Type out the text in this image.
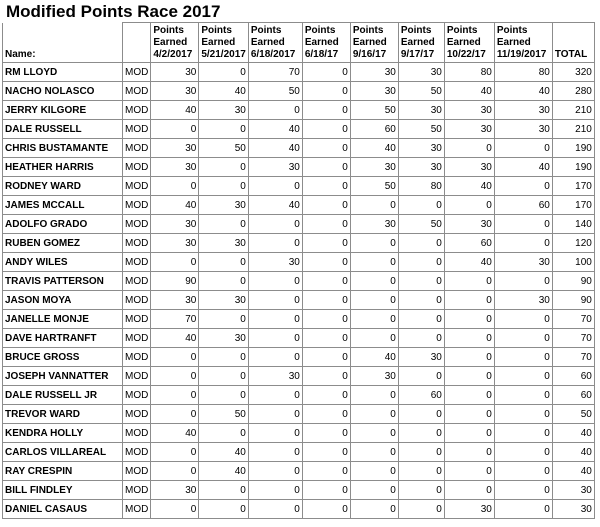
Modified Points Race 2017
Name:		Points
Earned
4/2/2017	Points
Earned
5/21/2017	Points
Earned
6/18/2017	Points
Earned
6/18/17	Points
Earned
9/16/17	Points
Earned
9/17/17	Points
Earned
10/22/17	Points
Earned
11/19/2017	TOTAL
RM LLOYD	MOD	30	0	70	0	30	30	80	80	320
NACHO NOLASCO	MOD	30	40	50	0	30	50	40	40	280
JERRY KILGORE	MOD	40	30	0	0	50	30	30	30	210
DALE RUSSELL	MOD	0	0	40	0	60	50	30	30	210
CHRIS BUSTAMANTE	MOD	30	50	40	0	40	30	0	0	190
HEATHER HARRIS	MOD	30	0	30	0	30	30	30	40	190
RODNEY WARD	MOD	0	0	0	0	50	80	40	0	170
JAMES MCCALL	MOD	40	30	40	0	0	0	0	60	170
ADOLFO GRADO	MOD	30	0	0	0	30	50	30	0	140
RUBEN GOMEZ	MOD	30	30	0	0	0	0	60	0	120
ANDY WILES	MOD	0	0	30	0	0	0	40	30	100
TRAVIS PATTERSON	MOD	90	0	0	0	0	0	0	0	90
JASON MOYA	MOD	30	30	0	0	0	0	0	30	90
JANELLE MONJE	MOD	70	0	0	0	0	0	0	0	70
DAVE HARTRANFT	MOD	40	30	0	0	0	0	0	0	70
BRUCE GROSS	MOD	0	0	0	0	40	30	0	0	70
JOSEPH VANNATTER	MOD	0	0	30	0	30	0	0	0	60
DALE RUSSELL JR	MOD	0	0	0	0	0	60	0	0	60
TREVOR WARD	MOD	0	50	0	0	0	0	0	0	50
KENDRA HOLLY	MOD	40	0	0	0	0	0	0	0	40
CARLOS VILLAREAL	MOD	0	40	0	0	0	0	0	0	40
RAY CRESPIN	MOD	0	40	0	0	0	0	0	0	40
BILL FINDLEY	MOD	30	0	0	0	0	0	0	0	30
DANIEL CASAUS	MOD	0	0	0	0	0	0	30	0	30
